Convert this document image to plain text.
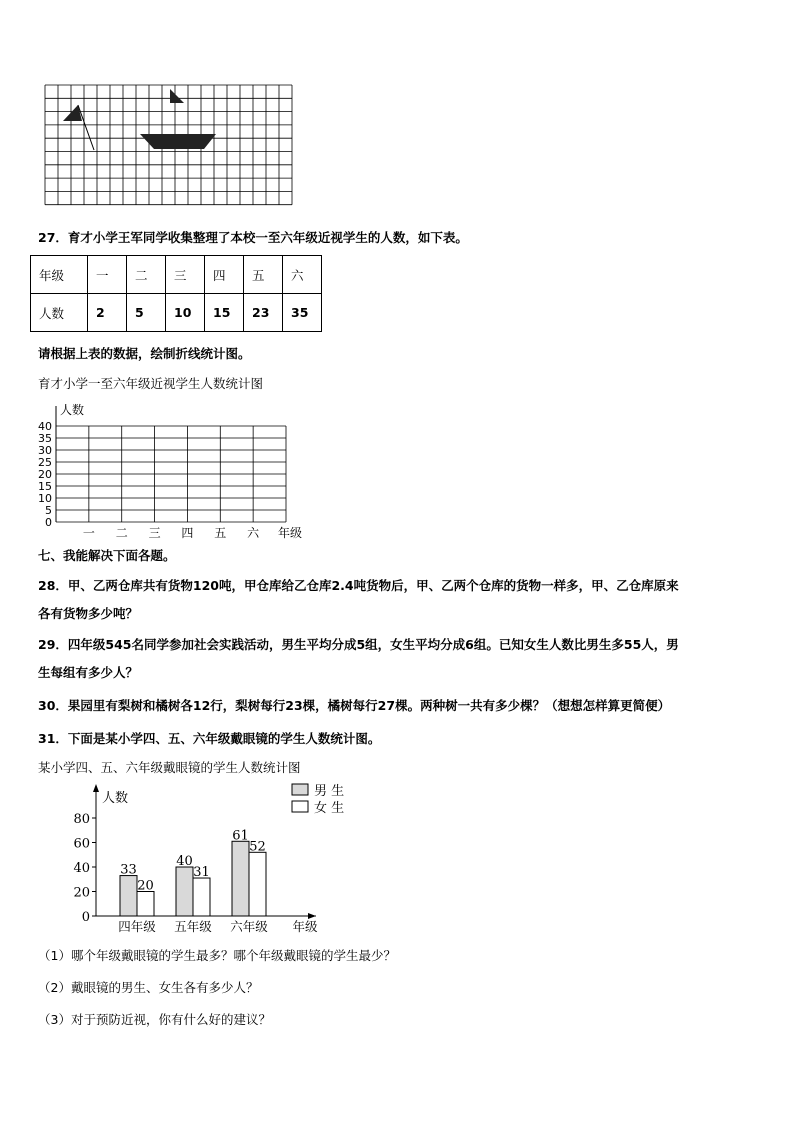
27．育才小学王军同学收集整理了本校一至六年级近视学生的人数，如下表。
年级	一	二	三	四	五	六
人数	2	5	10	15	23	35
请根据上表的数据，绘制折线统计图。
育才小学一至六年级近视学生人数统计图
人数
0
5
10
15
20
25
30
35
40
一 二 三 四 五 六 年级
七、我能解决下面各题。
28．甲、乙两仓库共有货物120吨，甲仓库给乙仓库2.4吨货物后，甲、乙两个仓库的货物一样多，甲、乙仓库原来
各有货物多少吨？
29．四年级545名同学参加社会实践活动，男生平均分成5组，女生平均分成6组。已知女生人数比男生多55人，男
生每组有多少人？
30．果园里有梨树和橘树各12行，梨树每行23棵，橘树每行27棵。两种树一共有多少棵？（想想怎样算更简便）
31．下面是某小学四、五、六年级戴眼镜的学生人数统计图。
某小学四、五、六年级戴眼镜的学生人数统计图
人数
0
20
40
60
80
男 生
女 生
33
20
四年级
40
31
五年级
61
52
六年级 年级
（1）哪个年级戴眼镜的学生最多？哪个年级戴眼镜的学生最少？
（2）戴眼镜的男生、女生各有多少人？
（3）对于预防近视，你有什么好的建议？
